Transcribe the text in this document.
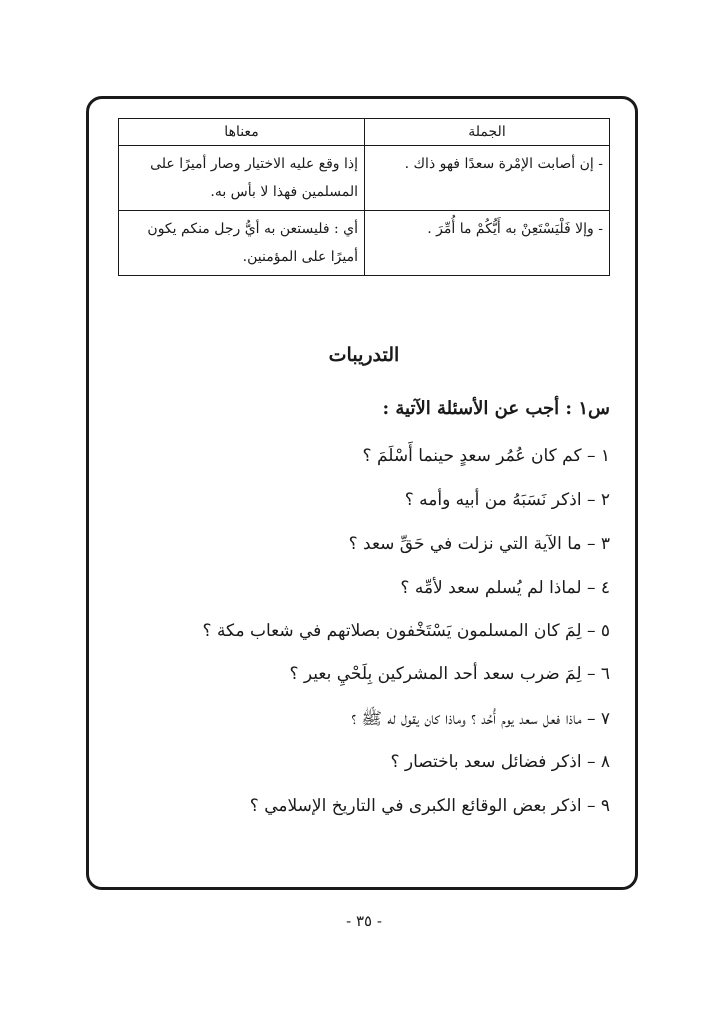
الجملة	معناها
- إن أصابت الإمْرة سعدًا فهو ذاك .	إذا وقع عليه الاختيار وصار أميرًا على المسلمين فهذا لا بأس به.
- وإلا فَلْيَسْتَعِنْ به أَيُّكُمْ ما أُمِّرَ .	أي : فليستعن به أيُّ رجل منكم يكون أميرًا على المؤمنين.
التدريبات
س١ : أجب عن الأسئلة الآتية :
١ – كم كان عُمُر سعدٍ حينما أَسْلَمَ ؟
٢ – اذكر نَسَبَهُ من أبيه وأمه ؟
٣ – ما الآية التي نزلت في حَقِّ سعد ؟
٤ – لماذا لم يُسلم سعد لأمِّه ؟
٥ – لِمَ كان المسلمون يَسْتَخْفون بصلاتهم في شعاب مكة ؟
٦ – لِمَ ضرب سعد أحد المشركين بِلَحْيِ بعير ؟
٧ – ماذا فعل سعد يوم أُحُد ؟ وماذا كان يقول له ﷺ ؟
٨ – اذكر فضائل سعد باختصار ؟
٩ – اذكر بعض الوقائع الكبرى في التاريخ الإسلامي ؟
- ٣٥ -
